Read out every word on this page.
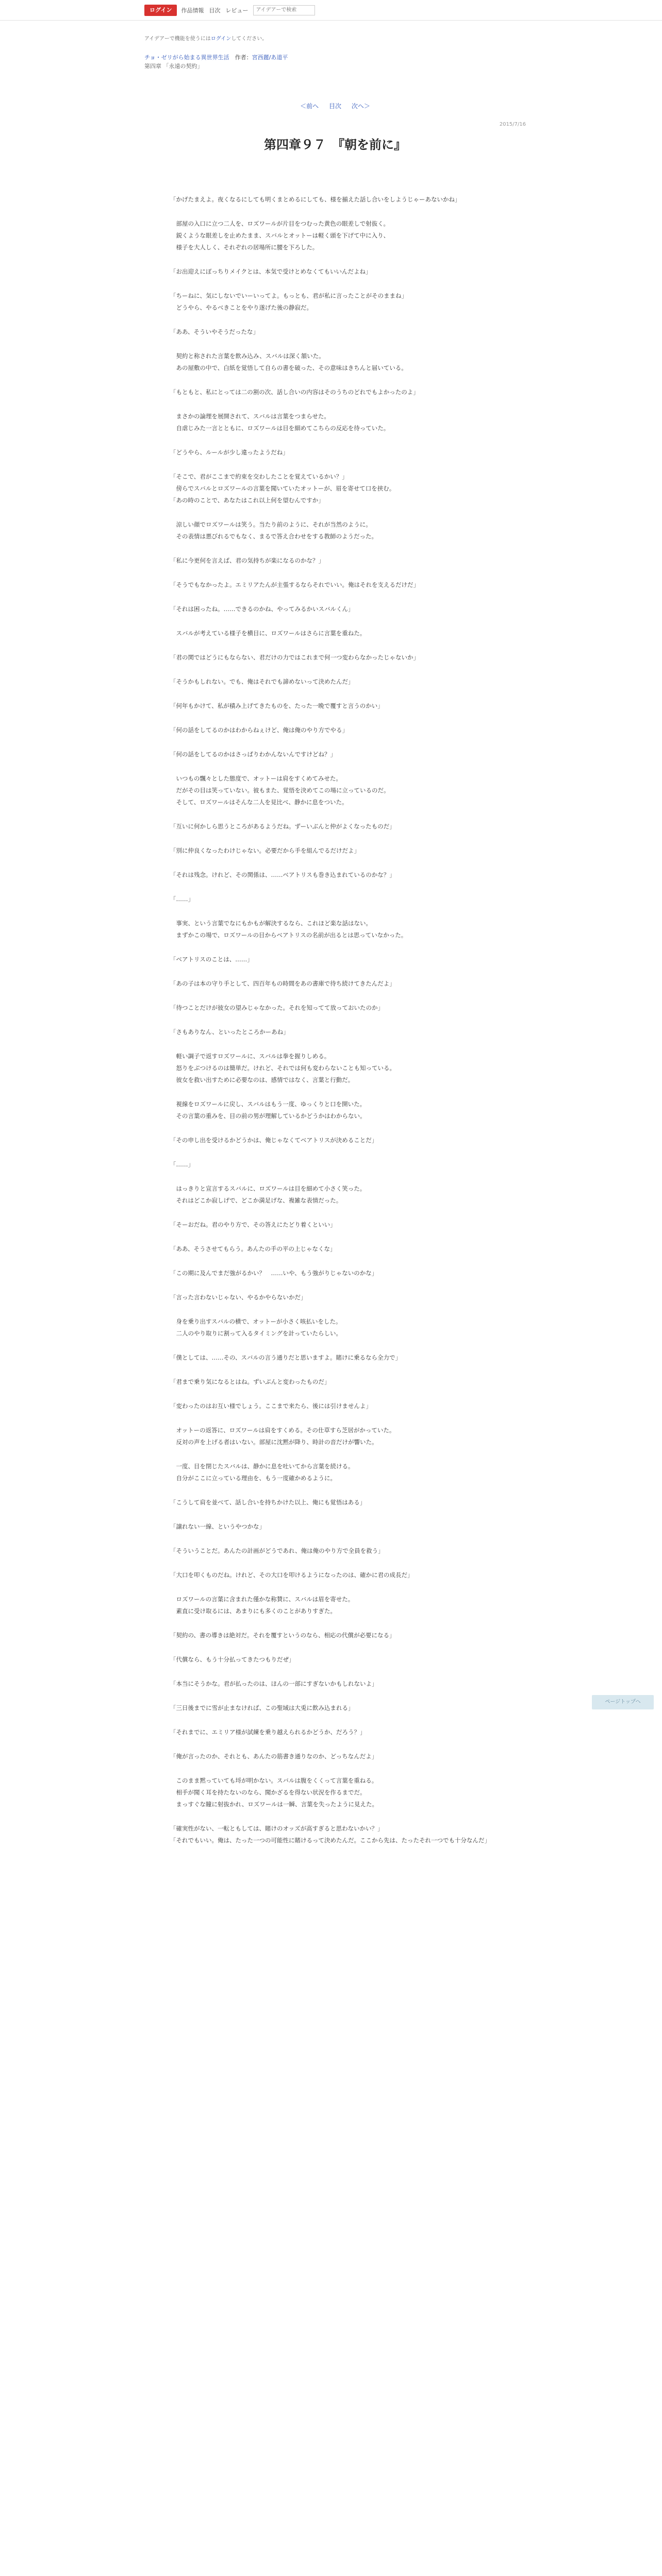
ログイン	作品情報 目次 レビュー
アイデアーで検索
アイデアーで機能を使うにはログインしてください。
チョ・ゼリがら始まる異世界生活　 作者：宮西麗/あ道平
第四章 「永遠の契約」
＜前へ 目次 次へ＞
2015/7/16
第四章９７　『朝を前に』

「かげたまえよ。夜くなるにしても明くまとめるにしても、様を揃えた話し合いをしようじゃーあないかね」

　部屋の入口に立つ二人を、ロズワールが片目をつむった黄色の眼差しで射抜く。

　鋭くような眼差しを止めたまま、スバルとオットーは軽く頭を下げて中に入り、

　様子を大人しく、それぞれの居場所に腰を下ろした。

「お出迎えにぼっちりメイクとは、本気で受けとめなくてもいいんだよね」

「ちーねに、気にしないでいーいってよ。もっとも、君が私に言ったことがそのままね」

　どうやら、やるべきことをやり遂げた後の静寂だ。

「ああ、そういやそうだったな」

　契約と称された言葉を飲み込み、スバルは深く頷いた。

　あの屋敷の中で、白紙を覚悟して自らの書を破った、その意味はきちんと届いている。

「もともと、私にとっては二の割の次、話し合いの内容はそのうちのどれでもよかったのよ」

　まさかの論理を展開されて、スバルは言葉をつまらせた。

　自虐じみた一言とともに、ロズワールは目を細めてこちらの反応を待っていた。

「どうやら、ルールが少し違ったようだね」

「そこで、君がここまで約束を交わしたことを覚えているかい？」

　傍らでスバルとロズワールの言葉を聞いていたオットーが、眉を寄せて口を挟む。

「あの時のことで、あなたはこれ以上何を望むんですか」

　涼しい顔でロズワールは笑う。当たり前のように、それが当然のように。

　その表情は悪びれるでもなく、まるで答え合わせをする教師のようだった。

「私に今更何を言えば、君の気持ちが楽になるのかな？」

「そうでもなかったよ。エミリアたんが主張するならそれでいい。俺はそれを支えるだけだ」

「それは困ったね。……できるのかね、やってみるかいスバルくん」

　スバルが考えている様子を横目に、ロズワールはさらに言葉を重ねた。

「君の関ではどうにもならない、君だけの力ではこれまで何一つ変わらなかったじゃないか」

「そうかもしれない。でも、俺はそれでも諦めないって決めたんだ」

「何年もかけて、私が積み上げてきたものを、たった一晩で覆すと言うのかい」

「何の話をしてるのかはわからねぇけど、俺は俺のやり方でやる」

「何の話をしてるのかはさっぱりわかんないんですけどね？」

　いつもの飄々とした態度で、オットーは肩をすくめてみせた。

　だがその目は笑っていない。彼もまた、覚悟を決めてこの場に立っているのだ。

　そして、ロズワールはそんな二人を見比べ、静かに息をついた。

「互いに何かしら思うところがあるようだね。ずーいぶんと仲がよくなったものだ」

「別に仲良くなったわけじゃない。必要だから手を組んでるだけだよ」

「それは残念。けれど、その関係は、……ベアトリスも巻き込まれているのかな？」

「……」

　事実、という言葉でなにもかもが解決するなら、これほど楽な話はない。

　まずかこの場で、ロズワールの目からベアトリスの名前が出るとは思っていなかった。

「ベアトリスのことは、……」

「あの子は本の守り手として、四百年もの時間をあの書庫で待ち続けてきたんだよ」

「待つことだけが彼女の望みじゃなかった。それを知ってて放っておいたのか」

「さもありなん、といったところかーあね」

　軽い調子で返すロズワールに、スバルは拳を握りしめる。

　怒りをぶつけるのは簡単だ。けれど、それでは何も変わらないことも知っている。

　彼女を救い出すために必要なのは、感情ではなく、言葉と行動だ。

　視線をロズワールに戻し、スバルはもう一度、ゆっくりと口を開いた。

　その言葉の重みを、目の前の男が理解しているかどうかはわからない。

「その申し出を受けるかどうかは、俺じゃなくてベアトリスが決めることだ」

「……」

　はっきりと宣言するスバルに、ロズワールは目を細めて小さく笑った。

　それはどこか寂しげで、どこか満足げな、複雑な表情だった。

「そーおだね。君のやり方で、その答えにたどり着くといい」

「ああ、そうさせてもらう。あんたの手の平の上じゃなくな」

「この期に及んでまだ強がるかい？　……いや、もう強がりじゃないのかな」

「言った言わないじゃない、やるかやらないかだ」

　身を乗り出すスバルの横で、オットーが小さく咳払いをした。

　二人のやり取りに割って入るタイミングを計っていたらしい。

「僕としては、……その、スバルの言う通りだと思いますよ。賭けに乗るなら全力で」

「君まで乗り気になるとはね。ずいぶんと変わったものだ」

「変わったのはお互い様でしょう。ここまで来たら、後には引けませんよ」

　オットーの返答に、ロズワールは肩をすくめる。その仕草すら芝居がかっていた。

　反対の声を上げる者はいない。部屋に沈黙が降り、時計の音だけが響いた。

　一度、目を閉じたスバルは、静かに息を吐いてから言葉を続ける。

　自分がここに立っている理由を、もう一度確かめるように。

「こうして肩を並べて、話し合いを持ちかけた以上、俺にも覚悟はある」

「譲れない一線、というやつかな」

「そういうことだ。あんたの計画がどうであれ、俺は俺のやり方で全員を救う」

「大口を叩くものだね。けれど、その大口を叩けるようになったのは、確かに君の成長だ」

　ロズワールの言葉に含まれた僅かな称賛に、スバルは眉を寄せた。

　素直に受け取るには、あまりにも多くのことがありすぎた。

「契約の、書の導きは絶対だ。それを覆すというのなら、相応の代償が必要になる」

「代償なら、もう十分払ってきたつもりだぜ」

「本当にそうかな。君が払ったのは、ほんの一部にすぎないかもしれないよ」

「三日後までに雪が止まなければ、この聖域は大兎に飲み込まれる」

「それまでに、エミリア様が試練を乗り越えられるかどうか、だろう？」

「俺が言ったのか、それとも、あんたの筋書き通りなのか、どっちなんだよ」

　このまま黙っていても埒が明かない。スバルは腹をくくって言葉を重ねる。

　相手が聞く耳を持たないのなら、聞かざるを得ない状況を作るまでだ。

　まっすぐな瞳に射抜かれ、ロズワールは一瞬、言葉を失ったように見えた。

「確実性がない、一転ともしては、賭けのオッズが高すぎると思わないかい？」

「それでもいい。俺は、たった一つの可能性に賭けるって決めたんだ。ここから先は、たったそれ一つでも十分なんだ」

ページトップへ
